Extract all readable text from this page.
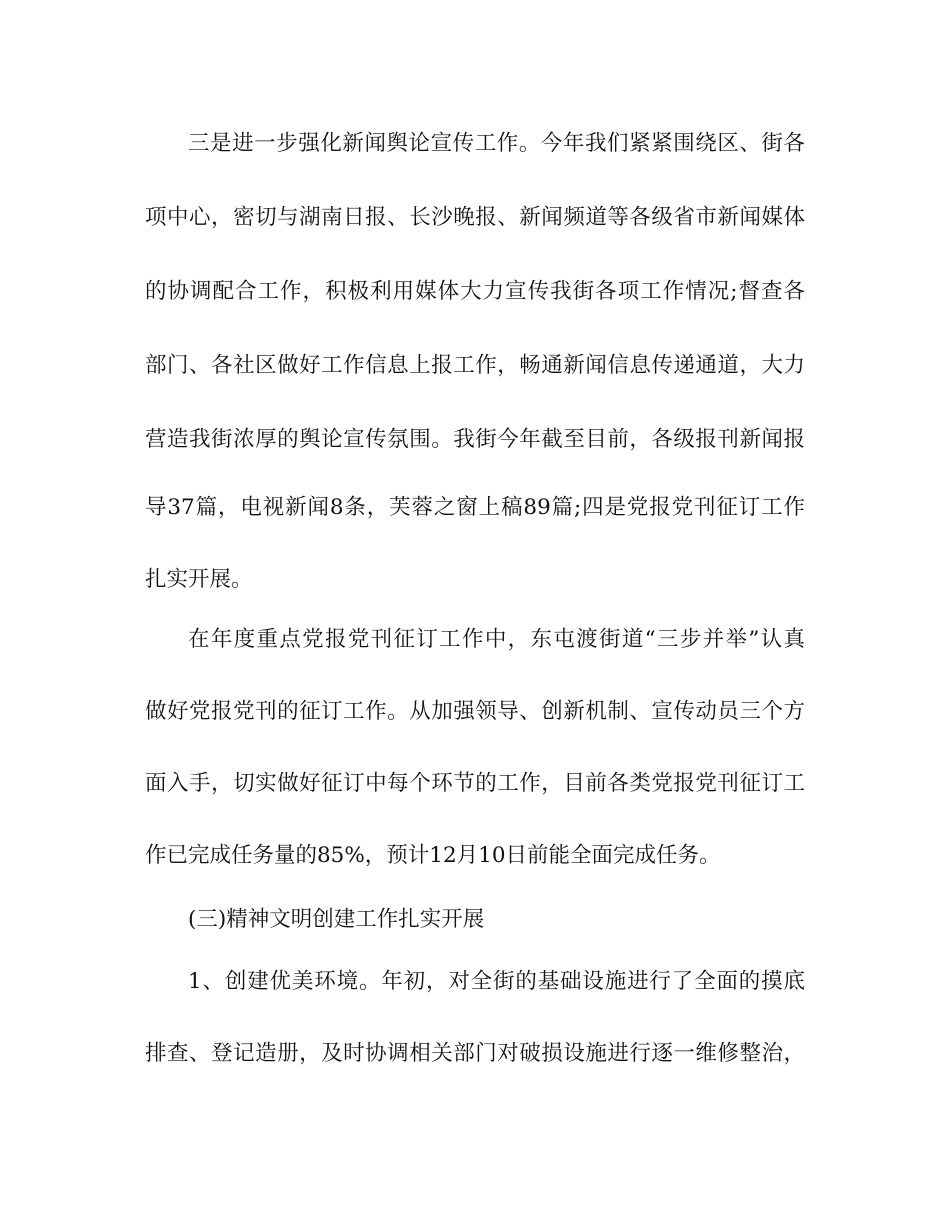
三是进一步强化新闻舆论宣传工作。今年我们紧紧围绕区、街各
项中心，密切与湖南日报、长沙晚报、新闻频道等各级省市新闻媒体
的协调配合工作，积极利用媒体大力宣传我街各项工作情况;督查各
部门、各社区做好工作信息上报工作，畅通新闻信息传递通道，大力
营造我街浓厚的舆论宣传氛围。我街今年截至目前，各级报刊新闻报
导37篇，电视新闻8条，芙蓉之窗上稿89篇;四是党报党刊征订工作
扎实开展。
在年度重点党报党刊征订工作中，东屯渡街道“三步并举”认真
做好党报党刊的征订工作。从加强领导、创新机制、宣传动员三个方
面入手，切实做好征订中每个环节的工作，目前各类党报党刊征订工
作已完成任务量的85%，预计12月10日前能全面完成任务。
(三)精神文明创建工作扎实开展
1、创建优美环境。年初，对全街的基础设施进行了全面的摸底
排查、登记造册，及时协调相关部门对破损设施进行逐一维修整治，
